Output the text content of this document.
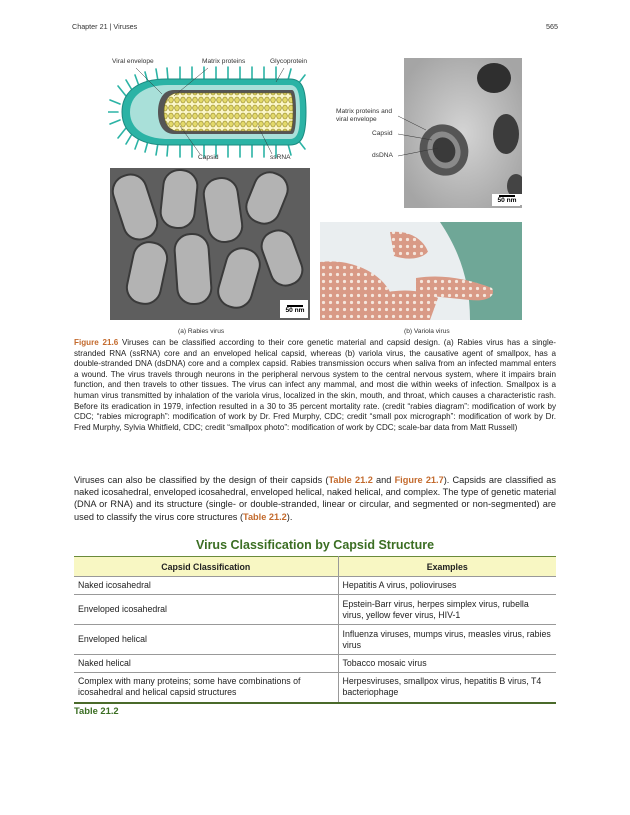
Chapter 21 | Viruses	565
Viral envelope	Matrix proteins	Glycoprotein
Capsid	ssRNA
50 nm
Matrix proteins and viral envelope
Capsid
dsDNA
50 nm
(a) Rabies virus	(b) Variola virus

Figure 21.6 Viruses can be classified according to their core genetic material and capsid design. (a) Rabies virus has a single-stranded RNA (ssRNA) core and an enveloped helical capsid, whereas (b) variola virus, the causative agent of smallpox, has a double-stranded DNA (dsDNA) core and a complex capsid. Rabies transmission occurs when saliva from an infected mammal enters a wound. The virus travels through neurons in the peripheral nervous system to the central nervous system, where it impairs brain function, and then travels to other tissues. The virus can infect any mammal, and most die within weeks of infection. Smallpox is a human virus transmitted by inhalation of the variola virus, localized in the skin, mouth, and throat, which causes a characteristic rash. Before its eradication in 1979, infection resulted in a 30 to 35 percent mortality rate. (credit “rabies diagram”: modification of work by CDC; “rabies micrograph”: modification of work by Dr. Fred Murphy, CDC; credit “small pox micrograph”: modification of work by Dr. Fred Murphy, Sylvia Whitfield, CDC; credit “smallpox photo”: modification of work by CDC; scale-bar data from Matt Russell)

Viruses can also be classified by the design of their capsids (Table 21.2 and Figure 21.7). Capsids are classified as naked icosahedral, enveloped icosahedral, enveloped helical, naked helical, and complex. The type of genetic material (DNA or RNA) and its structure (single- or double-stranded, linear or circular, and segmented or non-segmented) are used to classify the virus core structures (Table 21.2).

Virus Classification by Capsid Structure
Capsid Classification	Examples
Naked icosahedral	Hepatitis A virus, polioviruses
Enveloped icosahedral	Epstein-Barr virus, herpes simplex virus, rubella virus, yellow fever virus, HIV-1
Enveloped helical	Influenza viruses, mumps virus, measles virus, rabies virus
Naked helical	Tobacco mosaic virus
Complex with many proteins; some have combinations of icosahedral and helical capsid structures	Herpesviruses, smallpox virus, hepatitis B virus, T4 bacteriophage
Table 21.2
